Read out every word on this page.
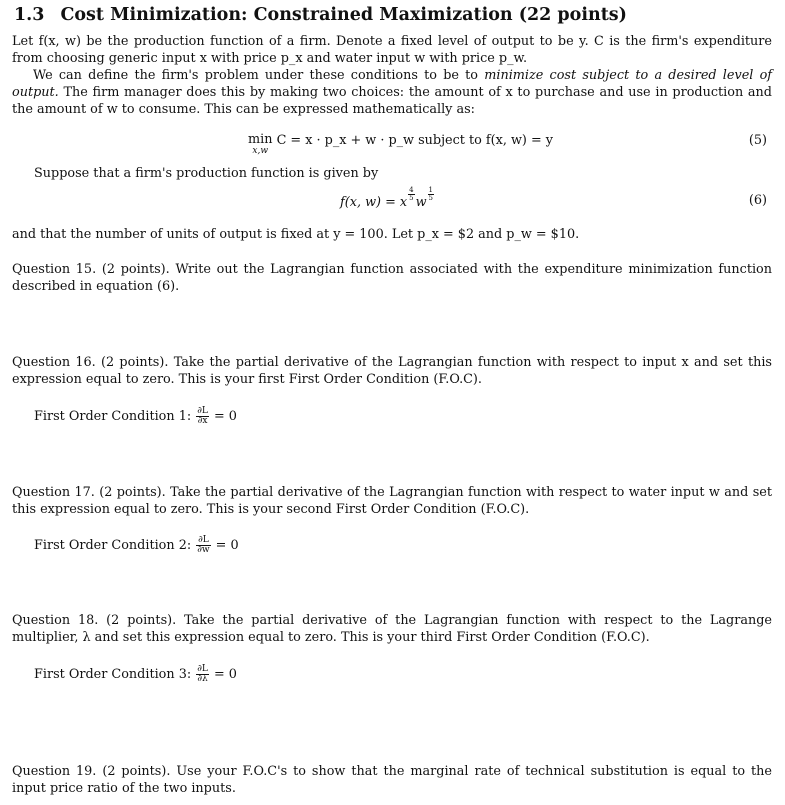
1.3 Cost Minimization: Constrained Maximization (22 points)
Let f(x, w) be the production function of a firm. Denote a fixed level of output to be y. C is the firm's expenditure from choosing generic input x with price p_x and water input w with price p_w.
We can define the firm's problem under these conditions to be to minimize cost subject to a desired level of output. The firm manager does this by making two choices: the amount of x to purchase and use in production and the amount of w to consume. This can be expressed mathematically as:
min
x,w
C = x · p_x + w · p_w subject to f(x, w) = y	(5)
Suppose that a firm's production function is given by
f(x, w) = x
$^{\frac{4}{5}}$
w
$^{\frac{1}{5}}$	(6)
and that the number of units of output is fixed at y = 100. Let p_x = $2 and p_w = $10.
Question 15. (2 points). Write out the Lagrangian function associated with the expenditure minimization function described in equation (6).
Question 16. (2 points). Take the partial derivative of the Lagrangian function with respect to input x and set this expression equal to zero. This is your first First Order Condition (F.O.C).
First Order Condition 1: $\frac{\partial L}{\partial x} = 0$
Question 17. (2 points). Take the partial derivative of the Lagrangian function with respect to water input w and set this expression equal to zero. This is your second First Order Condition (F.O.C).
First Order Condition 2: $\frac{\partial L}{\partial w} = 0$
Question 18. (2 points). Take the partial derivative of the Lagrangian function with respect to the Lagrange multiplier, λ and set this expression equal to zero. This is your third First Order Condition (F.O.C).
First Order Condition 3: $\frac{\partial L}{\partial\lambda} = 0$
Question 19. (2 points). Use your F.O.C's to show that the marginal rate of technical substitution is equal to the input price ratio of the two inputs.
